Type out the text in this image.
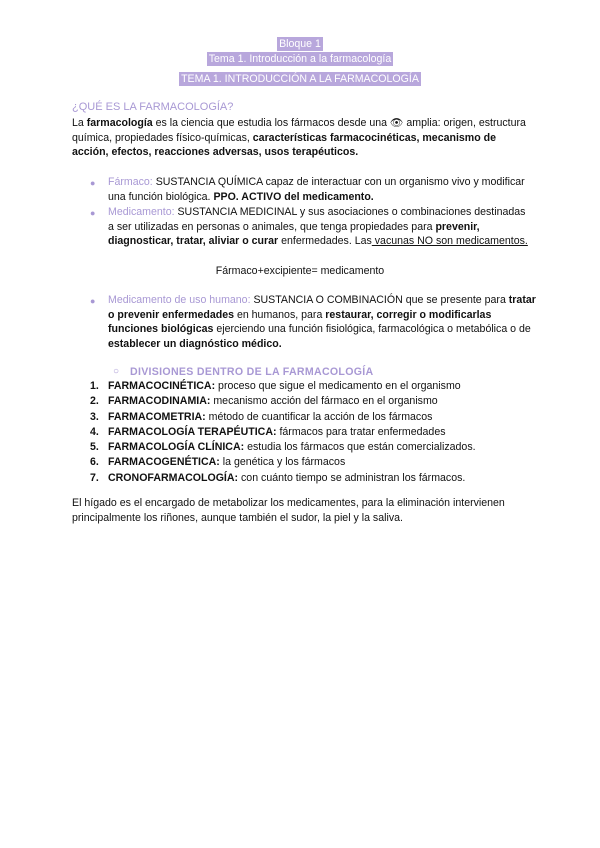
Bloque 1
Tema 1. Introducción a la farmacología
TEMA 1. INTRODUCCIÓN A LA FARMACOLOGÍA
¿QUÉ ES LA FARMACOLOGÍA?
La farmacología es la ciencia que estudia los fármacos desde una 👁 amplia: origen, estructura química, propiedades físico-químicas, características farmacocinéticas, mecanismo de acción, efectos, reacciones adversas, usos terapéuticos.
● Fármaco: SUSTANCIA QUÍMICA capaz de interactuar con un organismo vivo y modificar una función biológica. PPO. ACTIVO del medicamento.
● Medicamento: SUSTANCIA MEDICINAL y sus asociaciones o combinaciones destinadas a ser utilizadas en personas o animales, que tenga propiedades para prevenir, diagnosticar, tratar, aliviar o curar enfermedades. Las vacunas NO son medicamentos.
Fármaco+excipiente= medicamento
● Medicamento de uso humano: SUSTANCIA O COMBINACIÓN que se presente para tratar o prevenir enfermedades en humanos, para restaurar, corregir o modificarlas funciones biológicas ejerciendo una función fisiológica, farmacológica o metabólica o de establecer un diagnóstico médico.
○ DIVISIONES DENTRO DE LA FARMACOLOGÍA
1. FARMACOCINÉTICA: proceso que sigue el medicamento en el organismo
2. FARMACODINAMIA: mecanismo acción del fármaco en el organismo
3. FARMACOMETRIA: método de cuantificar la acción de los fármacos
4. FARMACOLOGÍA TERAPÉUTICA: fármacos para tratar enfermedades
5. FARMACOLOGÍA CLÍNICA: estudia los fármacos que están comercializados.
6. FARMACOGENÉTICA: la genética y los fármacos
7. CRONOFARMACOLOGÍA: con cuánto tiempo se administran los fármacos.
El hígado es el encargado de metabolizar los medicamentes, para la eliminación intervienen principalmente los riñones, aunque también el sudor, la piel y la saliva.
